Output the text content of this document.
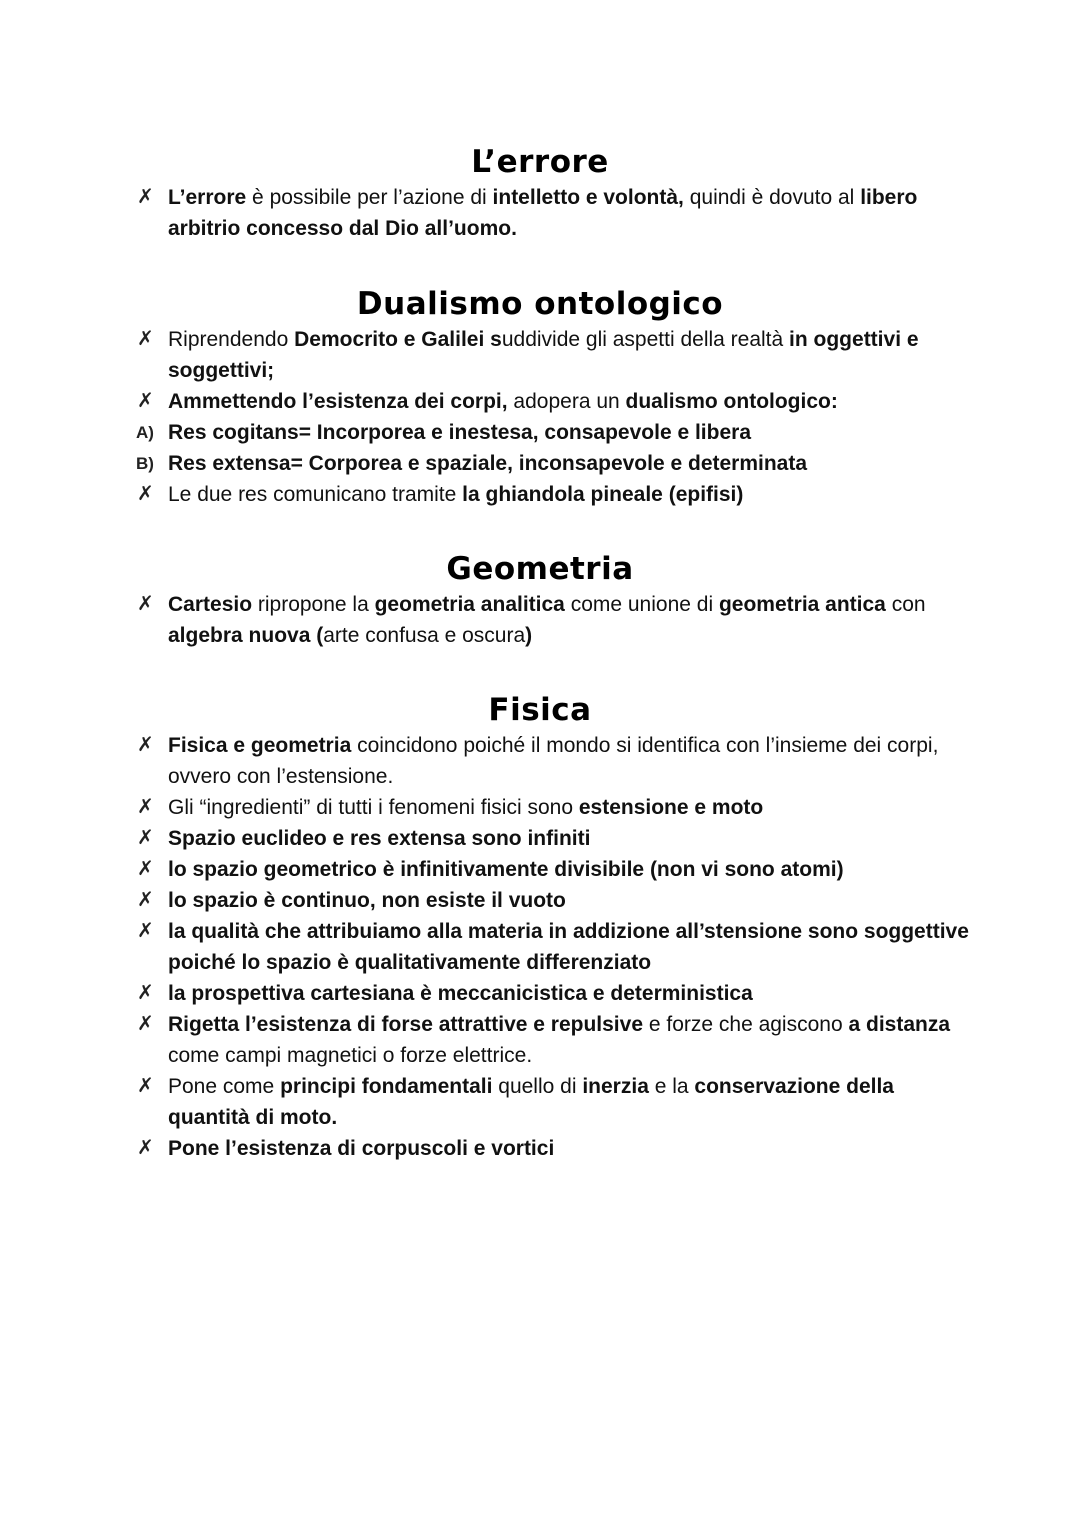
L’errore
✗ L’errore è possibile per l’azione di intelletto e volontà, quindi è dovuto al libero arbitrio concesso dal Dio all’uomo.
Dualismo ontologico
✗ Riprendendo Democrito e Galilei suddivide gli aspetti della realtà in oggettivi e soggettivi;
✗ Ammettendo l’esistenza dei corpi, adopera un dualismo ontologico:
A) Res cogitans= Incorporea e inestesa, consapevole e libera
B) Res extensa= Corporea e spaziale, inconsapevole e determinata
✗ Le due res comunicano tramite la ghiandola pineale (epifisi)
Geometria
✗ Cartesio ripropone la geometria analitica come unione di geometria antica con algebra nuova (arte confusa e oscura)
Fisica
✗ Fisica e geometria coincidono poiché il mondo si identifica con l’insieme dei corpi, ovvero con l’estensione.
✗ Gli “ingredienti” di tutti i fenomeni fisici sono estensione e moto
✗ Spazio euclideo e res extensa sono infiniti
✗ lo spazio geometrico è infinitivamente divisibile (non vi sono atomi)
✗ lo spazio è continuo, non esiste il vuoto
✗ la qualità che attribuiamo alla materia in addizione all’stensione sono soggettive poiché lo spazio è qualitativamente differenziato
✗ la prospettiva cartesiana è meccanicistica e deterministica
✗ Rigetta l’esistenza di forse attrattive e repulsive e forze che agiscono a distanza come campi magnetici o forze elettrice.
✗ Pone come principi fondamentali quello di inerzia e la conservazione della quantità di moto.
✗ Pone l’esistenza di corpuscoli e vortici
